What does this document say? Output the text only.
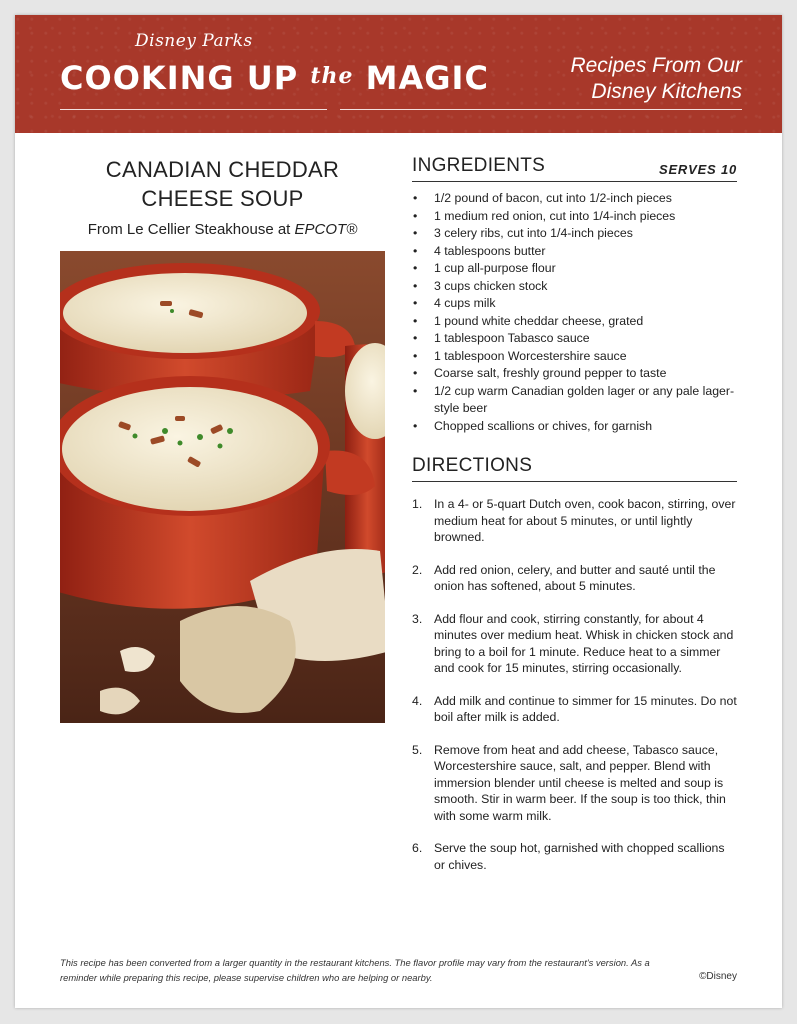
Disney Parks
COOKING UP the MAGIC	Recipes From Our
Disney Kitchens
CANADIAN CHEDDAR
CHEESE SOUP
From Le Cellier Steakhouse at EPCOT®
INGREDIENTS	SERVES 10
• 1/2 pound of bacon, cut into 1/2-inch pieces
• 1 medium red onion, cut into 1/4-inch pieces
• 3 celery ribs, cut into 1/4-inch pieces
• 4 tablespoons butter
• 1 cup all-purpose flour
• 3 cups chicken stock
• 4 cups milk
• 1 pound white cheddar cheese, grated
• 1 tablespoon Tabasco sauce
• 1 tablespoon Worcestershire sauce
• Coarse salt, freshly ground pepper to taste
• 1/2 cup warm Canadian golden lager or any pale lager-style beer
• Chopped scallions or chives, for garnish
DIRECTIONS
1. In a 4- or 5-quart Dutch oven, cook bacon, stirring, over medium heat for about 5 minutes, or until lightly browned.
2. Add red onion, celery, and butter and sauté until the onion has softened, about 5 minutes.
3. Add flour and cook, stirring constantly, for about 4 minutes over medium heat. Whisk in chicken stock and bring to a boil for 1 minute. Reduce heat to a simmer and cook for 15 minutes, stirring occasionally.
4. Add milk and continue to simmer for 15 minutes. Do not boil after milk is added.
5. Remove from heat and add cheese, Tabasco sauce, Worcestershire sauce, salt, and pepper. Blend with immersion blender until cheese is melted and soup is smooth. Stir in warm beer. If the soup is too thick, thin with some warm milk.
6. Serve the soup hot, garnished with chopped scallions or chives.
This recipe has been converted from a larger quantity in the restaurant kitchens. The flavor profile may vary from the restaurant's version. As a reminder while preparing this recipe, please supervise children who are helping or nearby.	©Disney
